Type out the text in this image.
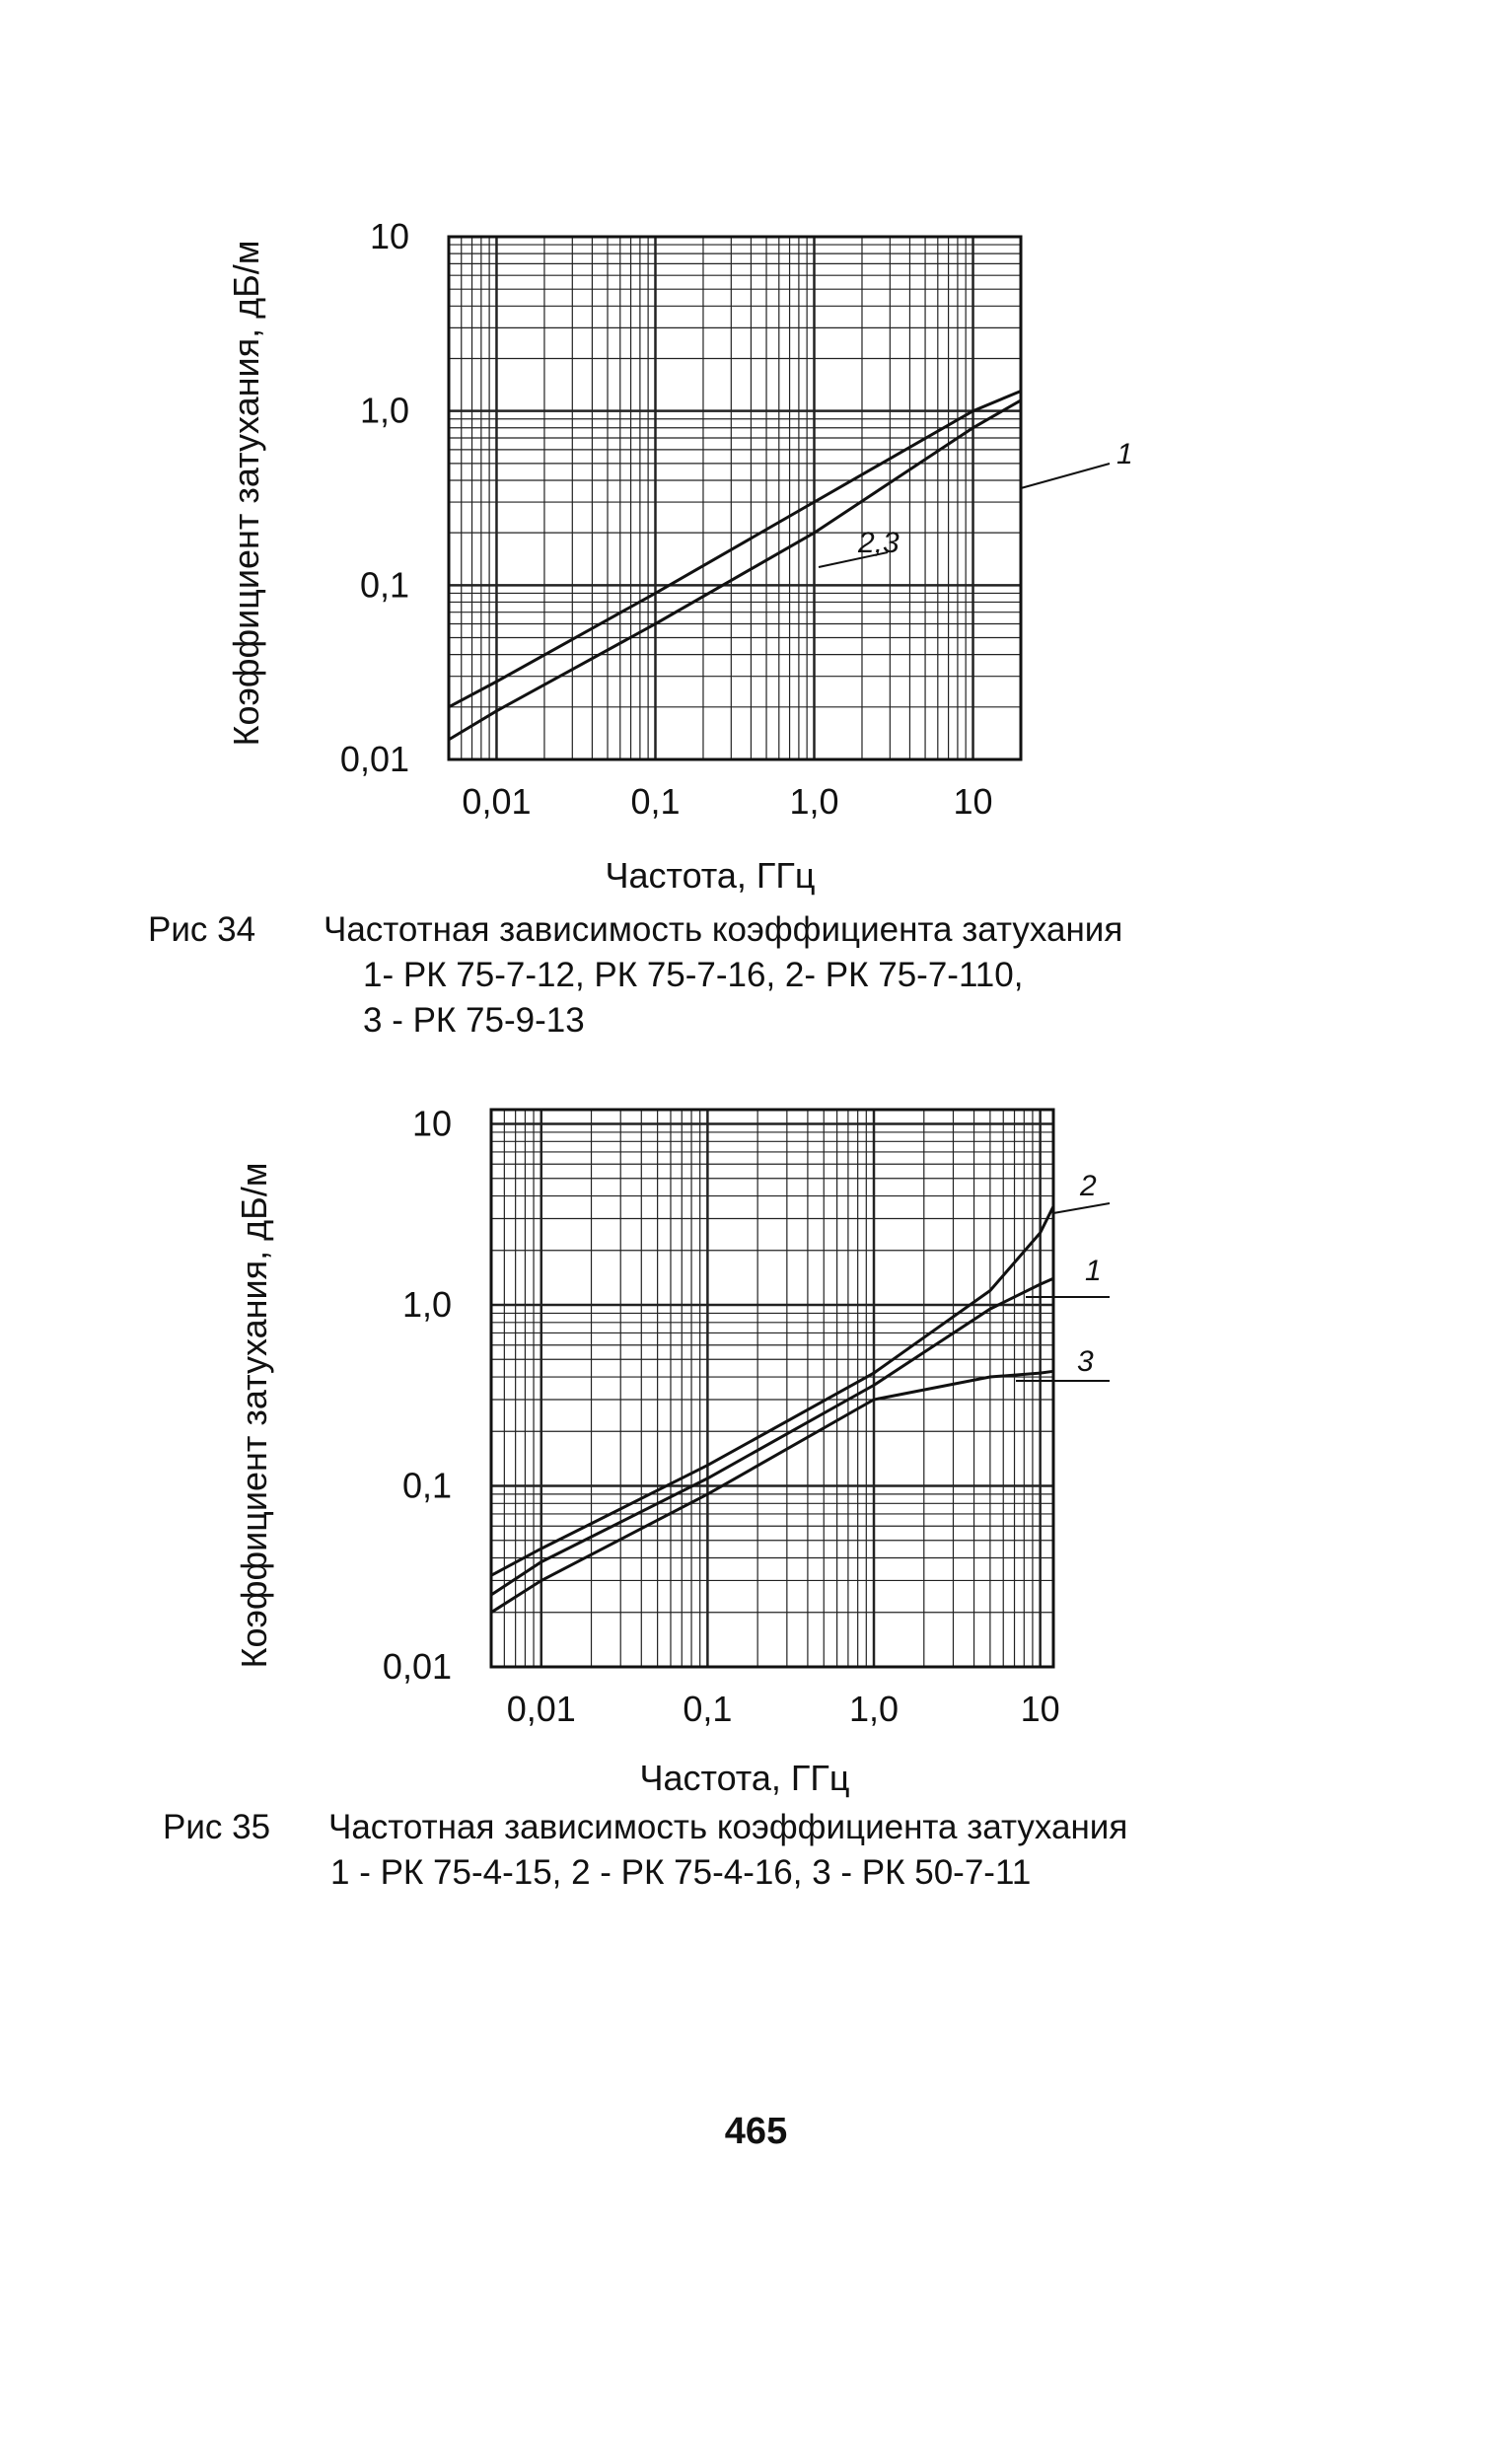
0,01	0,1	1,0	10
0,01
0,1
1,0
10
Частота, ГГц
Коэффициент затухания, дБ/м	1
2,3
0,01	0,1	1,0	10
0,01
0,1
1,0
10
Частота, ГГц
Коэффициент затухания, дБ/м	1
2
3
Рис 34 Частотная зависимость коэффициента затухания
1- РК 75-7-12, РК 75-7-16, 2- РК 75-7-110,
3 - РК 75-9-13
Рис 35 Частотная зависимость коэффициента затухания
1 - РК 75-4-15, 2 - РК 75-4-16, 3 - РК 50-7-11
465
